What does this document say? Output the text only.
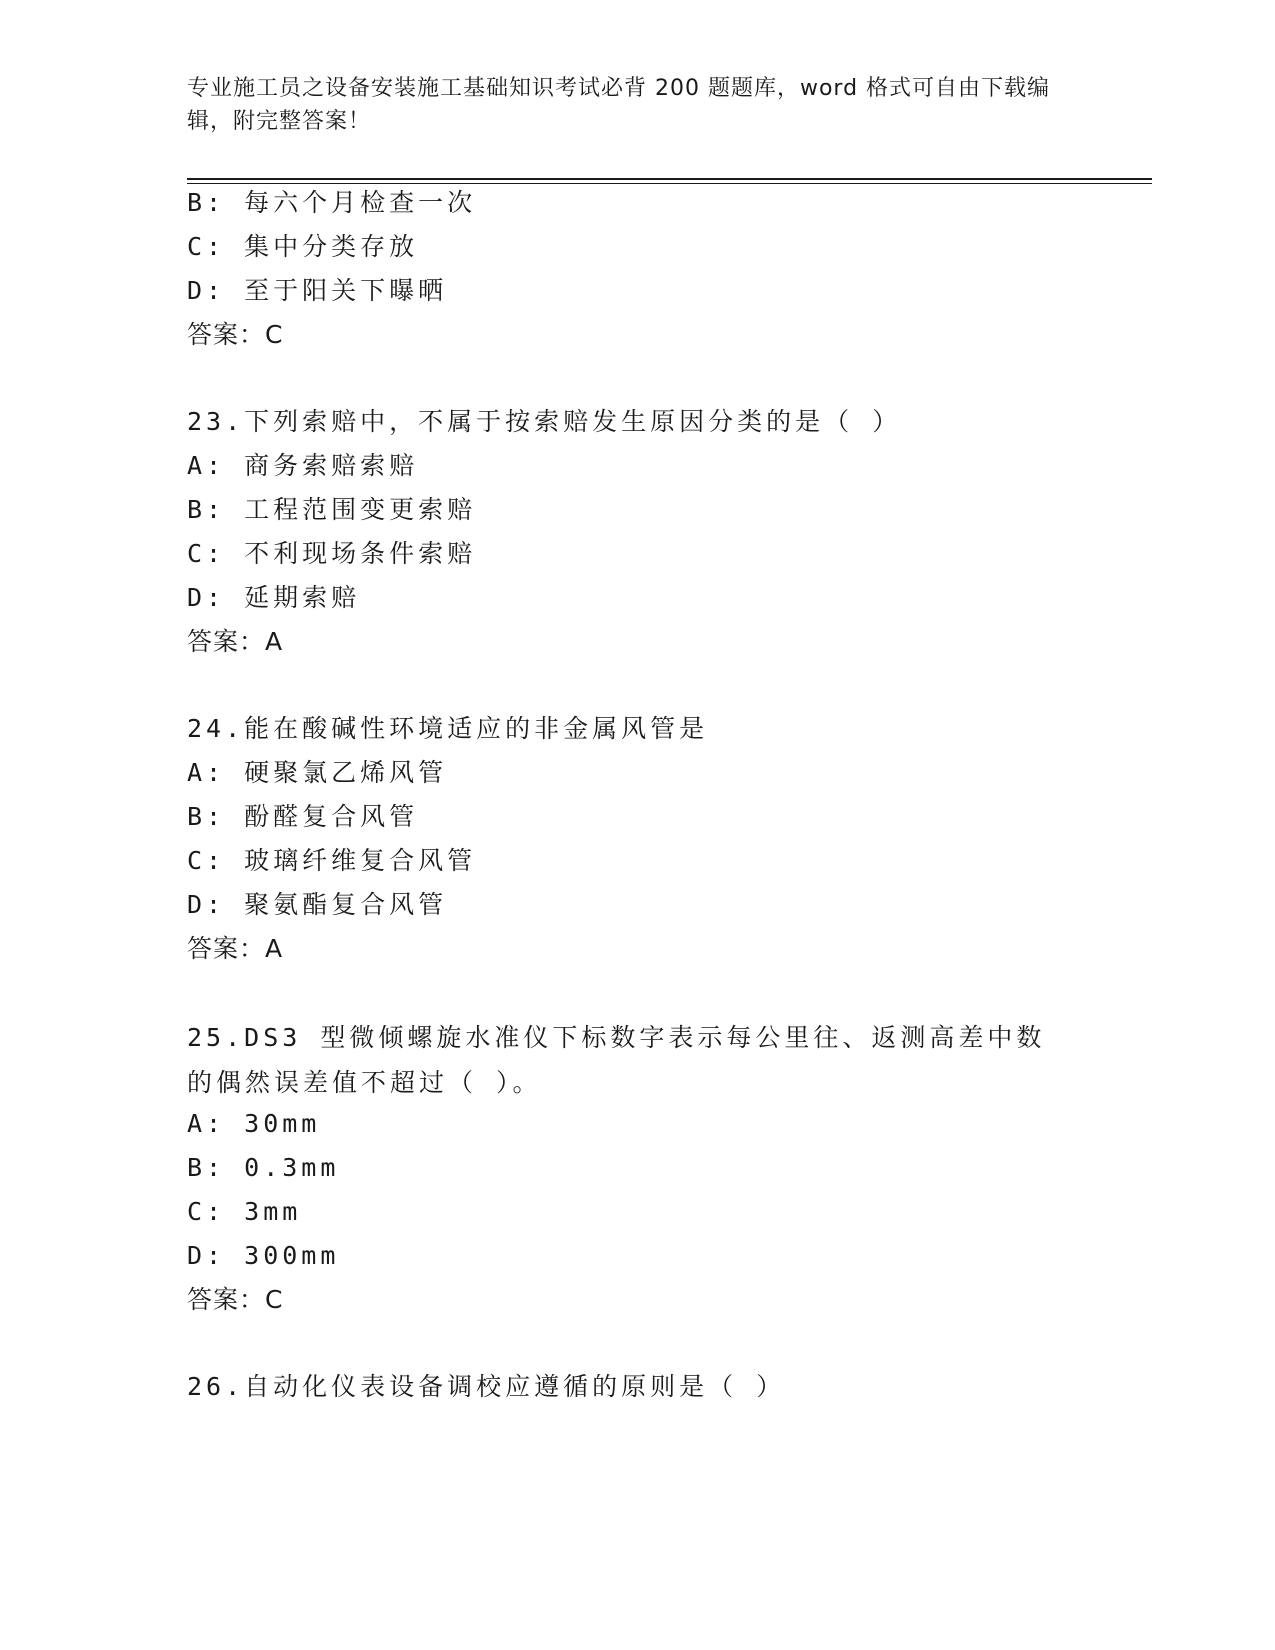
专业施工员之设备安装施工基础知识考试必背 200 题题库，word 格式可自由下载编辑，附完整答案！
B: 每六个月检查一次
C: 集中分类存放
D: 至于阳关下曝晒
答案：C
23.下列索赔中，不属于按索赔发生原因分类的是（ ）
A: 商务索赔索赔
B: 工程范围变更索赔
C: 不利现场条件索赔
D: 延期索赔
答案：A
24.能在酸碱性环境适应的非金属风管是
A: 硬聚氯乙烯风管
B: 酚醛复合风管
C: 玻璃纤维复合风管
D: 聚氨酯复合风管
答案：A
25.DS3 型微倾螺旋水准仪下标数字表示每公里往、返测高差中数的偶然误差值不超过（ ）。
A: 30mm
B: 0.3mm
C: 3mm
D: 300mm
答案：C
26.自动化仪表设备调校应遵循的原则是（ ）
